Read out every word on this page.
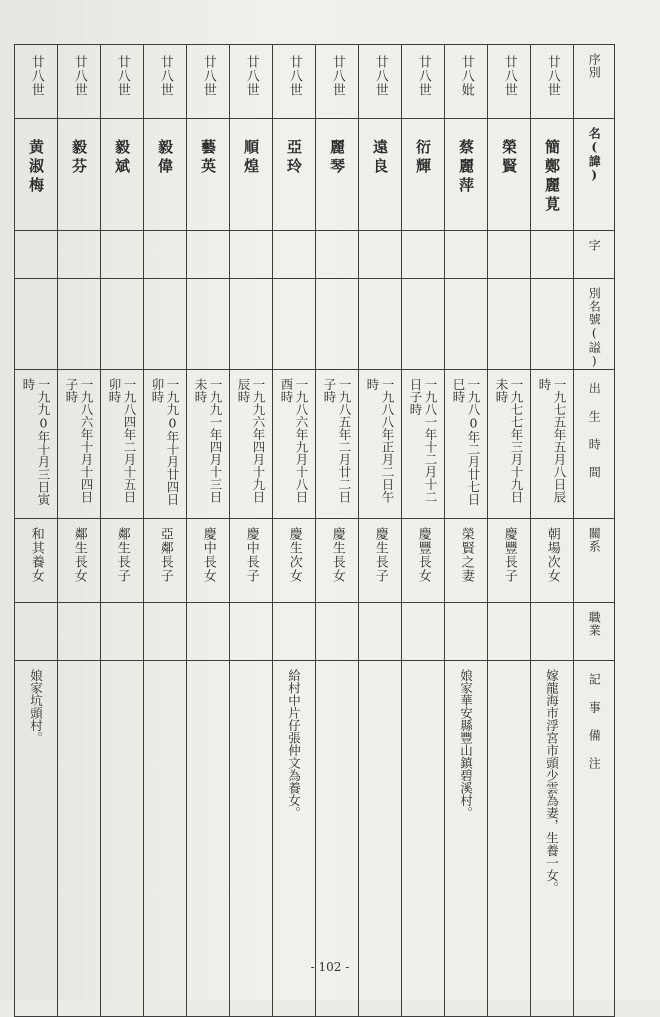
廿八世	廿八世	廿八世	廿八世	廿八世	廿八世	廿八世	廿八世	廿八世	廿八世	廿八妣	廿八世	廿八世	序別

黄淑梅	毅芬	毅斌	毅偉	藝英	順煌	亞玲	麗琴	遠良	衍輝	蔡麗萍	榮賢	簡鄭麗莧	名(諱)

													字

													別名號(謚)

一九九0年十月三日寅時	一九八六年十月十四日子時	一九八四年二月十五日卯時	一九九0年十月廿四日卯時	一九九一年四月十三日未時	一九九六年四月十九日辰時	一九八六年九月十八日酉時	一九八五年二月廿二日子時	一九八八年正月二日午時	一九八一年十二月十二日子時	一九八0年二月廿七日巳時	一九七七年三月十九日未時	一九七五年五月八日辰時	出生時間

和其養女	鄰生長女	鄰生長子	亞鄰長子	慶中長女	慶中長子	慶生次女	慶生長女	慶生長子	慶豐長女	榮賢之妻	慶豐長子	朝場次女	關系

													職業

娘家坑頭村。						給村中片仔張仲文為養女。				娘家華安縣豐山鎮碧溪村。		嫁龍海市浮宮市頭少雲為妻，生養一女。	記事備注
- 102 -
